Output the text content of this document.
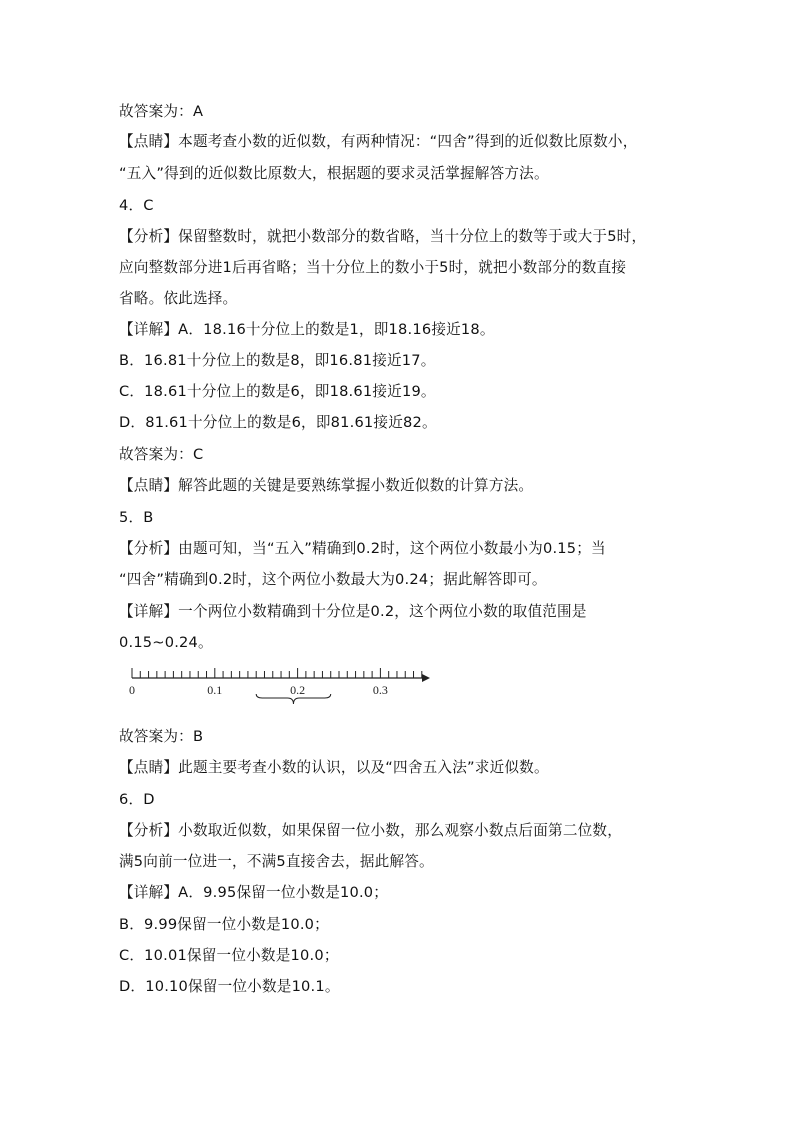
故答案为：A
【点睛】本题考查小数的近似数，有两种情况：“四舍”得到的近似数比原数小，
“五入”得到的近似数比原数大，根据题的要求灵活掌握解答方法。
4．C
【分析】保留整数时，就把小数部分的数省略，当十分位上的数等于或大于5时，
应向整数部分进1后再省略；当十分位上的数小于5时，就把小数部分的数直接
省略。依此选择。
【详解】A．18.16十分位上的数是1，即18.16接近18。
B．16.81十分位上的数是8，即16.81接近17。
C．18.61十分位上的数是6，即18.61接近19。
D．81.61十分位上的数是6，即81.61接近82。
故答案为：C
【点睛】解答此题的关键是要熟练掌握小数近似数的计算方法。
5．B
【分析】由题可知，当“五入”精确到0.2时，这个两位小数最小为0.15；当
“四舍”精确到0.2时，这个两位小数最大为0.24；据此解答即可。
【详解】一个两位小数精确到十分位是0.2，这个两位小数的取值范围是
0.15~0.24。
0	0.1	0.2	0.3
故答案为：B
【点睛】此题主要考查小数的认识，以及“四舍五入法”求近似数。
6．D
【分析】小数取近似数，如果保留一位小数，那么观察小数点后面第二位数，
满5向前一位进一，不满5直接舍去，据此解答。
【详解】A．9.95保留一位小数是10.0；
B．9.99保留一位小数是10.0；
C．10.01保留一位小数是10.0；
D．10.10保留一位小数是10.1。
